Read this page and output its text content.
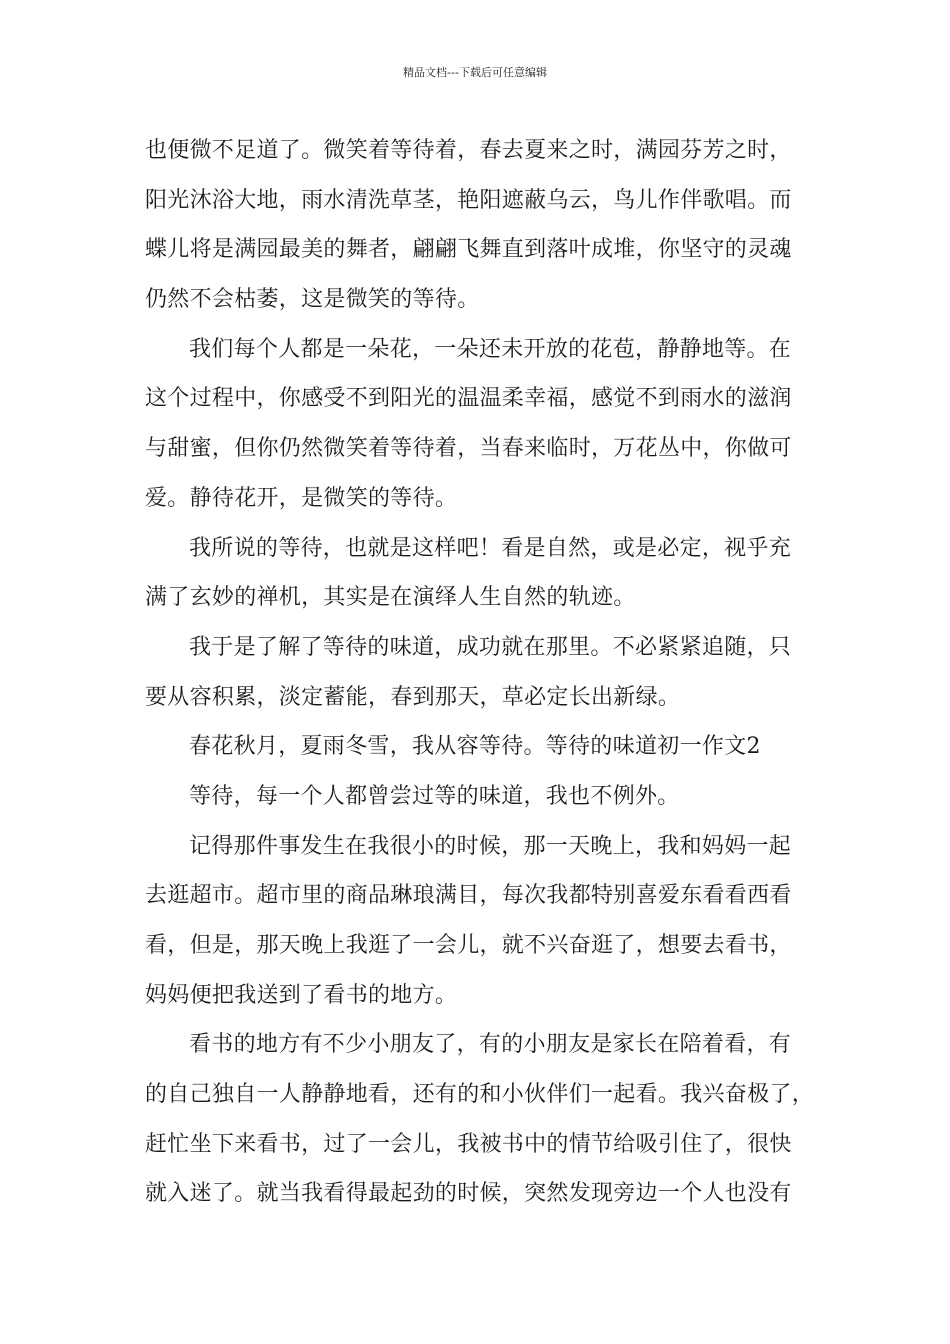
精品文档---下载后可任意编辑
也便微不足道了。微笑着等待着，春去夏来之时，满园芬芳之时，
阳光沐浴大地，雨水清洗草茎，艳阳遮蔽乌云，鸟儿作伴歌唱。而
蝶儿将是满园最美的舞者，翩翩飞舞直到落叶成堆，你坚守的灵魂
仍然不会枯萎，这是微笑的等待。
我们每个人都是一朵花，一朵还未开放的花苞，静静地等。在
这个过程中，你感受不到阳光的温温柔幸福，感觉不到雨水的滋润
与甜蜜，但你仍然微笑着等待着，当春来临时，万花丛中，你做可
爱。静待花开，是微笑的等待。
我所说的等待，也就是这样吧！看是自然，或是必定，视乎充
满了玄妙的禅机，其实是在演绎人生自然的轨迹。
我于是了解了等待的味道，成功就在那里。不必紧紧追随，只
要从容积累，淡定蓄能，春到那天，草必定长出新绿。
春花秋月，夏雨冬雪，我从容等待。等待的味道初一作文2
等待，每一个人都曾尝过等的味道，我也不例外。
记得那件事发生在我很小的时候，那一天晚上，我和妈妈一起
去逛超市。超市里的商品琳琅满目，每次我都特别喜爱东看看西看
看，但是，那天晚上我逛了一会儿，就不兴奋逛了，想要去看书，
妈妈便把我送到了看书的地方。
看书的地方有不少小朋友了，有的小朋友是家长在陪着看，有
的自己独自一人静静地看，还有的和小伙伴们一起看。我兴奋极了，
赶忙坐下来看书，过了一会儿，我被书中的情节给吸引住了，很快
就入迷了。就当我看得最起劲的时候，突然发现旁边一个人也没有
